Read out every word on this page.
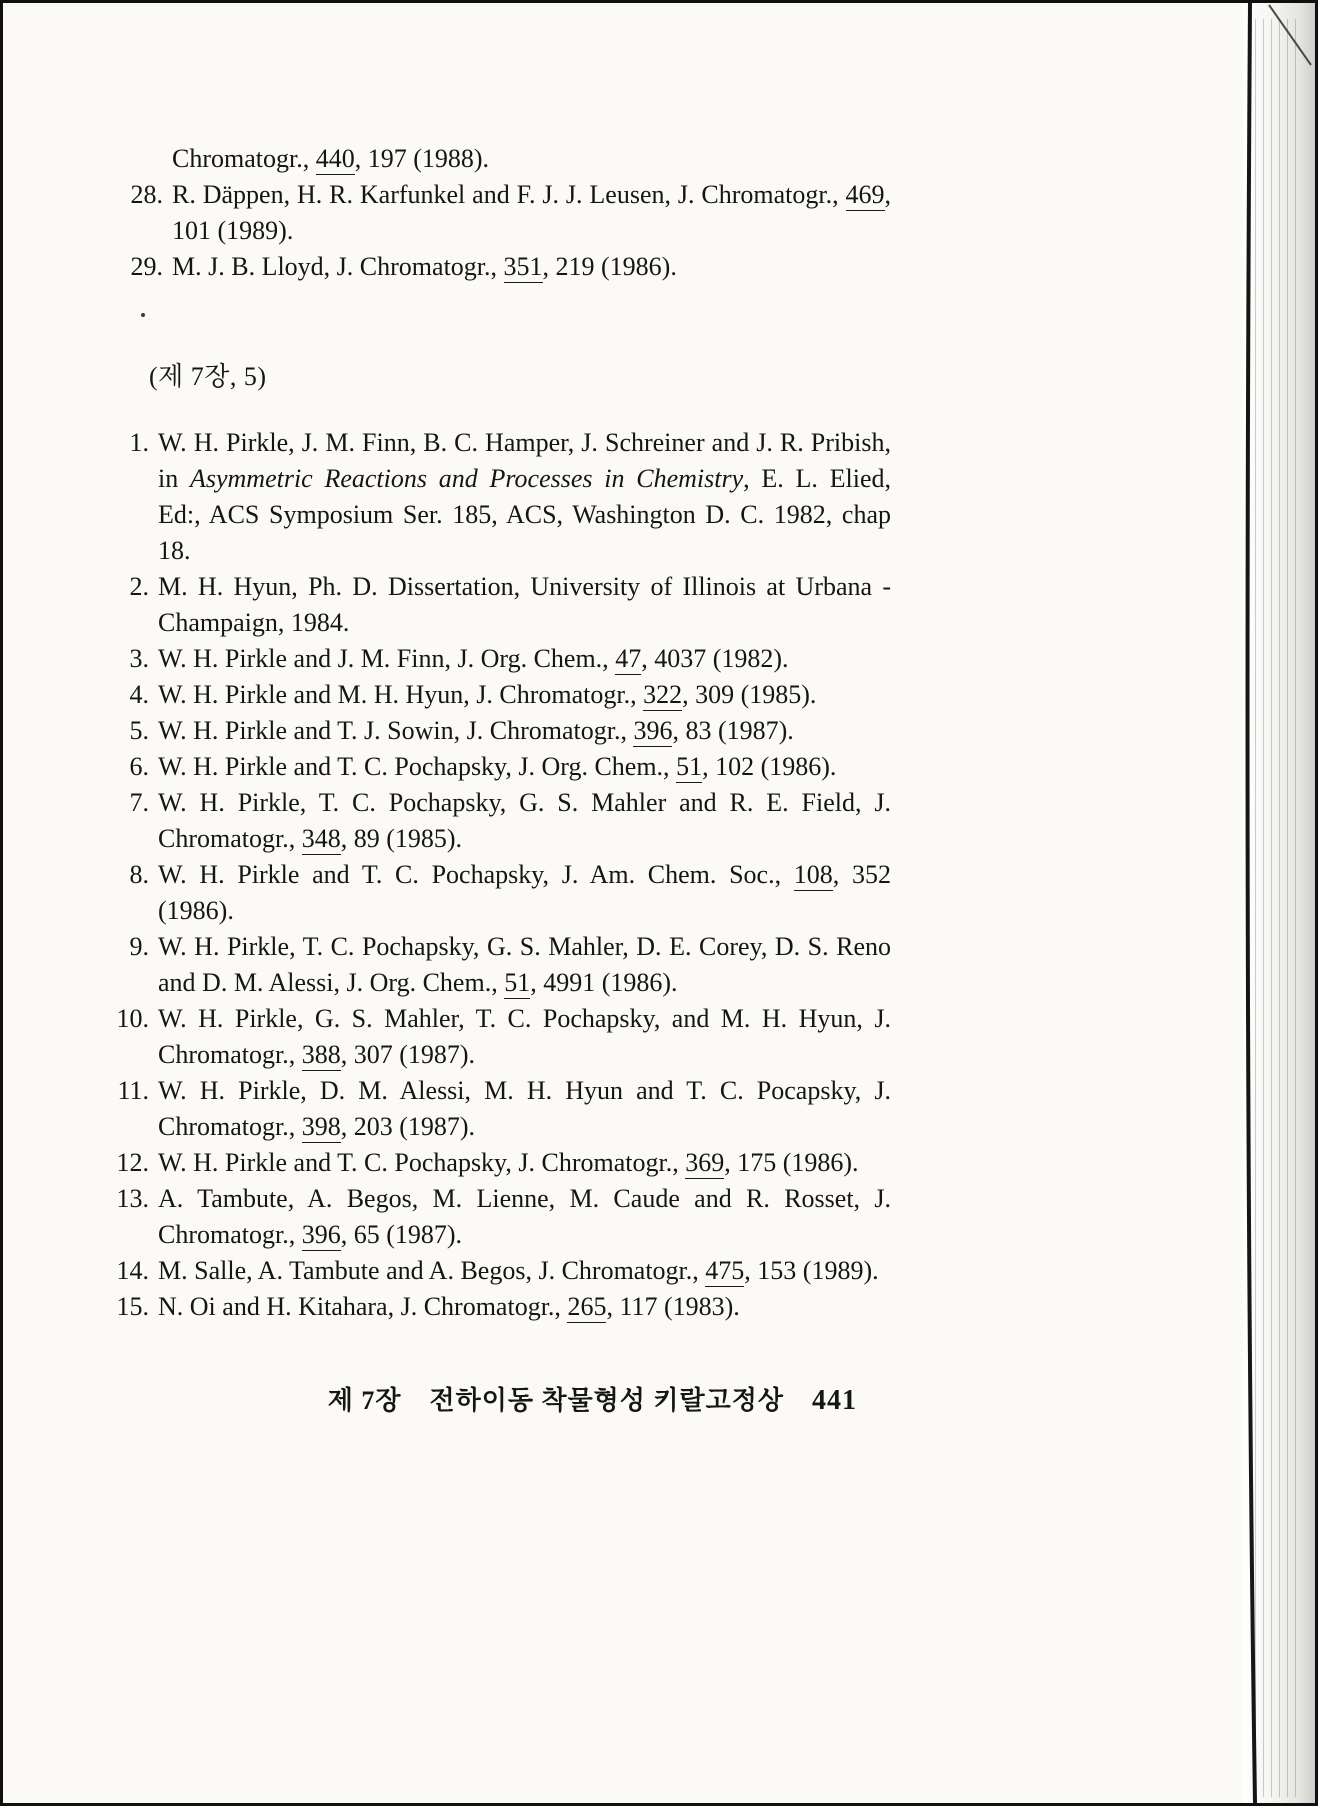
Chromatogr., 440, 197 (1988).
28. R. Däppen, H. R. Karfunkel and F. J. J. Leusen, J. Chromatogr., 469, 101 (1989).
29. M. J. B. Lloyd, J. Chromatogr., 351, 219 (1986).
(제 7장, 5)
1. W. H. Pirkle, J. M. Finn, B. C. Hamper, J. Schreiner and J. R. Pribish, in Asymmetric Reactions and Processes in Chemistry, E. L. Elied, Ed:, ACS Symposium Ser. 185, ACS, Washington D. C. 1982, chap 18.
2. M. H. Hyun, Ph. D. Dissertation, University of Illinois at Urbana -Champaign, 1984.
3. W. H. Pirkle and J. M. Finn, J. Org. Chem., 47, 4037 (1982).
4. W. H. Pirkle and M. H. Hyun, J. Chromatogr., 322, 309 (1985).
5. W. H. Pirkle and T. J. Sowin, J. Chromatogr., 396, 83 (1987).
6. W. H. Pirkle and T. C. Pochapsky, J. Org. Chem., 51, 102 (1986).
7. W. H. Pirkle, T. C. Pochapsky, G. S. Mahler and R. E. Field, J. Chromatogr., 348, 89 (1985).
8. W. H. Pirkle and T. C. Pochapsky, J. Am. Chem. Soc., 108, 352 (1986).
9. W. H. Pirkle, T. C. Pochapsky, G. S. Mahler, D. E. Corey, D. S. Reno and D. M. Alessi, J. Org. Chem., 51, 4991 (1986).
10. W. H. Pirkle, G. S. Mahler, T. C. Pochapsky, and M. H. Hyun, J. Chromatogr., 388, 307 (1987).
11. W. H. Pirkle, D. M. Alessi, M. H. Hyun and T. C. Pocapsky, J. Chromatogr., 398, 203 (1987).
12. W. H. Pirkle and T. C. Pochapsky, J. Chromatogr., 369, 175 (1986).
13. A. Tambute, A. Begos, M. Lienne, M. Caude and R. Rosset, J. Chromatogr., 396, 65 (1987).
14. M. Salle, A. Tambute and A. Begos, J. Chromatogr., 475, 153 (1989).
15. N. Oi and H. Kitahara, J. Chromatogr., 265, 117 (1983).
제 7장 전하이동 착물형성 키랄고정상 441
